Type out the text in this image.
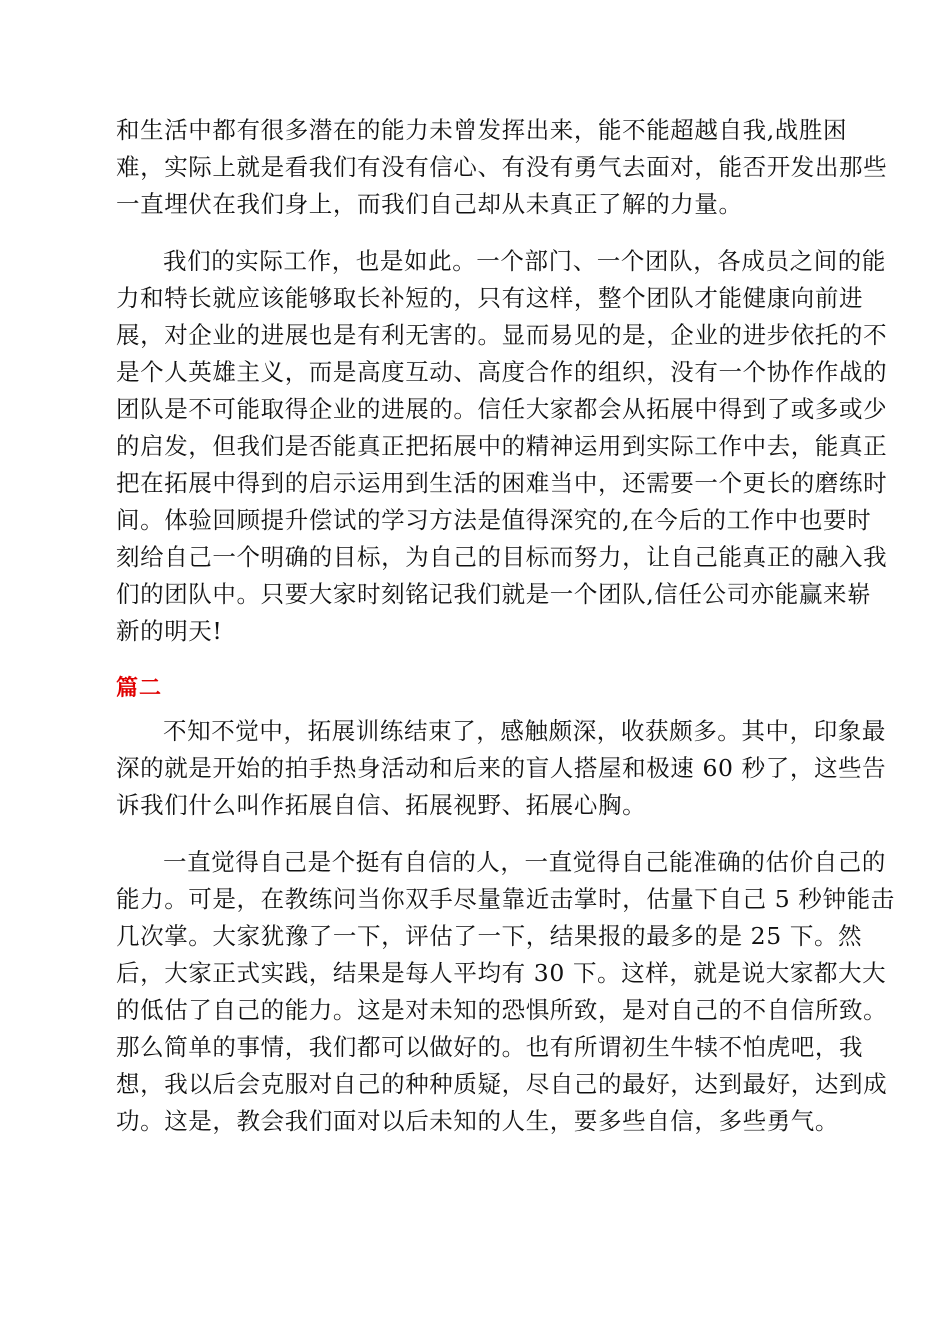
和生活中都有很多潜在的能力未曾发挥出来，能不能超越自我,战胜困
难，实际上就是看我们有没有信心、有没有勇气去面对，能否开发出那些
一直埋伏在我们身上，而我们自己却从未真正了解的力量。
我们的实际工作，也是如此。一个部门、一个团队，各成员之间的能
力和特长就应该能够取长补短的，只有这样，整个团队才能健康向前进
展，对企业的进展也是有利无害的。显而易见的是，企业的进步依托的不
是个人英雄主义，而是高度互动、高度合作的组织，没有一个协作作战的
团队是不可能取得企业的进展的。信任大家都会从拓展中得到了或多或少
的启发，但我们是否能真正把拓展中的精神运用到实际工作中去，能真正
把在拓展中得到的启示运用到生活的困难当中，还需要一个更长的磨练时
间。体验回顾提升偿试的学习方法是值得深究的,在今后的工作中也要时
刻给自己一个明确的目标，为自己的目标而努力，让自己能真正的融入我
们的团队中。只要大家时刻铭记我们就是一个团队,信任公司亦能赢来崭
新的明天!
篇二
不知不觉中，拓展训练结束了，感触颇深，收获颇多。其中，印象最
深的就是开始的拍手热身活动和后来的盲人搭屋和极速 60 秒了，这些告
诉我们什么叫作拓展自信、拓展视野、拓展心胸。
一直觉得自己是个挺有自信的人，一直觉得自己能准确的估价自己的
能力。可是，在教练问当你双手尽量靠近击掌时，估量下自己 5 秒钟能击
几次掌。大家犹豫了一下，评估了一下，结果报的最多的是 25 下。然
后，大家正式实践，结果是每人平均有 30 下。这样，就是说大家都大大
的低估了自己的能力。这是对未知的恐惧所致，是对自己的不自信所致。
那么简单的事情，我们都可以做好的。也有所谓初生牛犊不怕虎吧，我
想，我以后会克服对自己的种种质疑，尽自己的最好，达到最好，达到成
功。这是，教会我们面对以后未知的人生，要多些自信，多些勇气。
